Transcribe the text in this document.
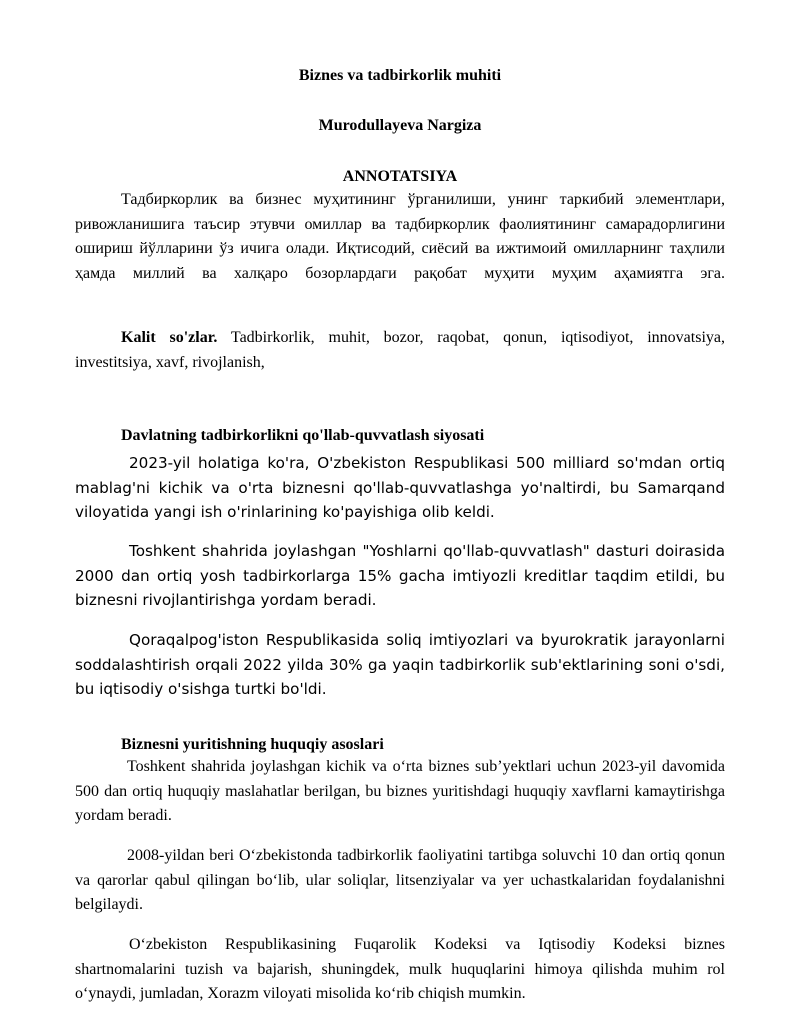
Biznes va tadbirkorlik muhiti
Murodullayeva Nargiza
ANNOTATSIYA

Тадбиркорлик ва бизнес муҳитининг ўрганилиши, унинг таркибий элементлари, ривожланишига таъсир этувчи омиллар ва тадбиркорлик фаолиятининг самарадорлигини ошириш йўлларини ўз ичига олади. Иқтисодий, сиёсий ва ижтимоий омилларнинг таҳлили ҳамда миллий ва халқаро бозорлардаги рақобат муҳити муҳим аҳамиятга эга.

Kalit so'zlar. Tadbirkorlik, muhit, bozor, raqobat, qonun, iqtisodiyot, innovatsiya, investitsiya, xavf, rivojlanish,

Davlatning tadbirkorlikni qo'llab-quvvatlash siyosati

2023-yil holatiga ko'ra, O'zbekiston Respublikasi 500 milliard so'mdan ortiq mablag'ni kichik va o'rta biznesni qo'llab-quvvatlashga yo'naltirdi, bu Samarqand viloyatida yangi ish o'rinlarining ko'payishiga olib keldi.

Toshkent shahrida joylashgan "Yoshlarni qo'llab-quvvatlash" dasturi doirasida 2000 dan ortiq yosh tadbirkorlarga 15% gacha imtiyozli kreditlar taqdim etildi, bu biznesni rivojlantirishga yordam beradi.

Qoraqalpog'iston Respublikasida soliq imtiyozlari va byurokratik jarayonlarni soddalashtirish orqali 2022 yilda 30% ga yaqin tadbirkorlik sub'ektlarining soni o'sdi, bu iqtisodiy o'sishga turtki bo'ldi.

Biznesni yuritishning huquqiy asoslari

Toshkent shahrida joylashgan kichik va o‘rta biznes sub’yektlari uchun 2023-yil davomida 500 dan ortiq huquqiy maslahatlar berilgan, bu biznes yuritishdagi huquqiy xavflarni kamaytirishga yordam beradi.

2008-yildan beri O‘zbekistonda tadbirkorlik faoliyatini tartibga soluvchi 10 dan ortiq qonun va qarorlar qabul qilingan bo‘lib, ular soliqlar, litsenziyalar va yer uchastkalaridan foydalanishni belgilaydi.

O‘zbekiston Respublikasining Fuqarolik Kodeksi va Iqtisodiy Kodeksi biznes shartnomalarini tuzish va bajarish, shuningdek, mulk huquqlarini himoya qilishda muhim rol o‘ynaydi, jumladan, Xorazm viloyati misolida ko‘rib chiqish mumkin.
